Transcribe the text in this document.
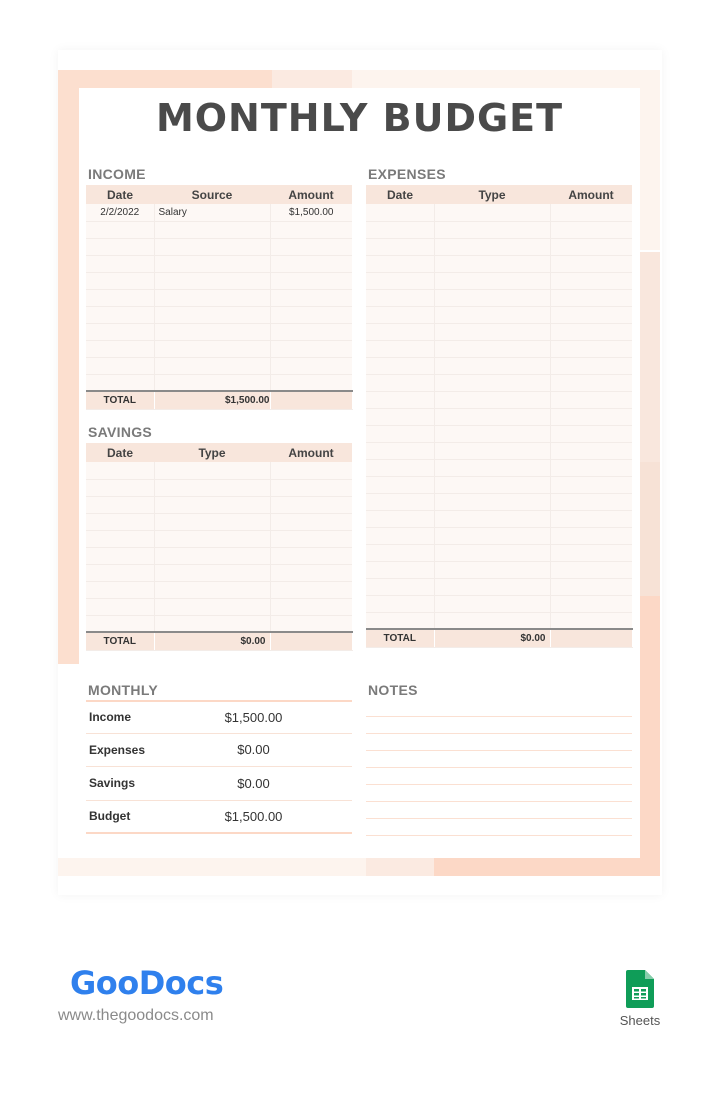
MONTHLY BUDGET
INCOME
Date	Source	Amount
2/2/2022	Salary	$1,500.00

TOTAL	$1,500.00	
SAVINGS
Date	Type	Amount

TOTAL	$0.00	
EXPENSES
Date	Type	Amount

TOTAL	$0.00	
MONTHLY
Income	$1,500.00
Expenses	$0.00
Savings	$0.00
Budget	$1,500.00
NOTES
GooDocs
www.thegoodocs.com	Sheets
